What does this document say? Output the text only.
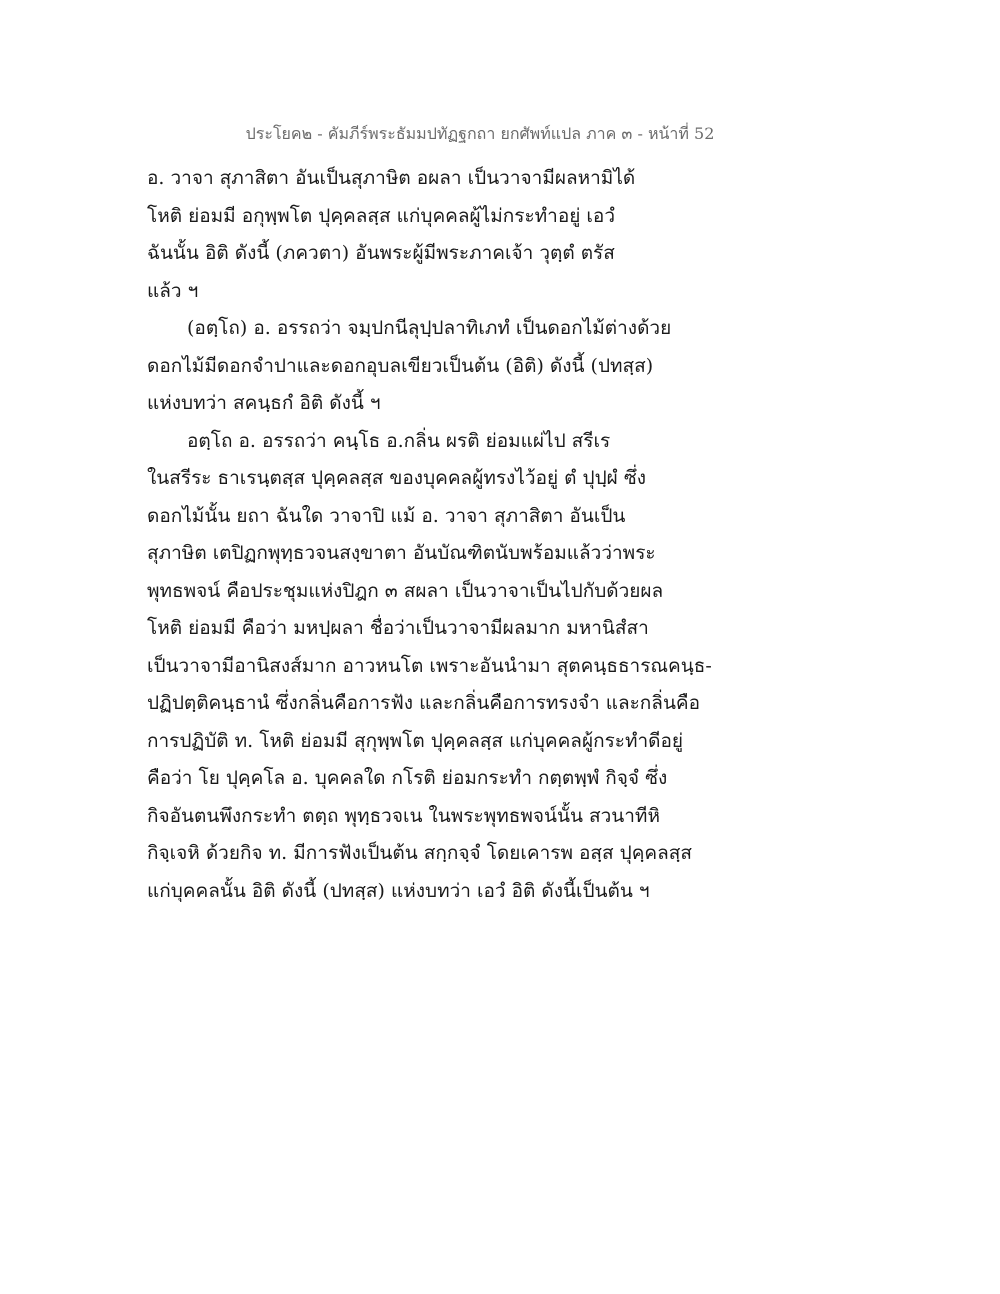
ประโยค๒ - คัมภีร์พระธัมมปทัฏฐกถา ยกศัพท์แปล ภาค ๓ - หน้าที่ 52
อ. วาจา สุภาสิตา อันเป็นสุภาษิต อผลา เป็นวาจามีผลหามิได้
โหติ ย่อมมี อกุพฺพโต ปุคฺคลสฺส แก่บุคคลผู้ไม่กระทำอยู่ เอวํ
ฉันนั้น อิติ ดังนี้ (ภควตา) อันพระผู้มีพระภาคเจ้า วุตฺตํ ตรัส
แล้ว ฯ
(อตฺโถ) อ. อรรถว่า จมฺปกนีลุปฺปลาทิเภทํ เป็นดอกไม้ต่างด้วย
ดอกไม้มีดอกจำปาและดอกอุบลเขียวเป็นต้น (อิติ) ดังนี้ (ปทสฺส)
แห่งบทว่า สคนฺธกํ อิติ ดังนี้ ฯ
อตฺโถ อ. อรรถว่า คนฺโธ อ.กลิ่น ผรติ ย่อมแผ่ไป สรีเร
ในสรีระ ธาเรนฺตสฺส ปุคฺคลสฺส ของบุคคลผู้ทรงไว้อยู่ ตํ ปุปฺผํ ซึ่ง
ดอกไม้นั้น ยถา ฉันใด วาจาปิ แม้ อ. วาจา สุภาสิตา อันเป็น
สุภาษิต เตปิฏกพุทฺธวจนสงฺขาตา อันบัณฑิตนับพร้อมแล้วว่าพระ
พุทธพจน์ คือประชุมแห่งปิฎก ๓ สผลา เป็นวาจาเป็นไปกับด้วยผล
โหติ ย่อมมี คือว่า มหปฺผลา ชื่อว่าเป็นวาจามีผลมาก มหานิสํสา
เป็นวาจามีอานิสงส์มาก อาวหนโต เพราะอันนำมา สุตคนฺธธารณคนฺธ-
ปฏิปตฺติคนฺธานํ ซึ่งกลิ่นคือการฟัง และกลิ่นคือการทรงจำ และกลิ่นคือ
การปฏิบัติ ท. โหติ ย่อมมี สุกุพฺพโต ปุคฺคลสฺส แก่บุคคลผู้กระทำดีอยู่
คือว่า โย ปุคฺคโล อ. บุคคลใด กโรติ ย่อมกระทำ กตฺตพฺพํ กิจฺจํ ซึ่ง
กิจอันตนพึงกระทำ ตตฺถ พุทฺธวจเน ในพระพุทธพจน์นั้น สวนาทีหิ
กิจฺเจหิ ด้วยกิจ ท. มีการฟังเป็นต้น สกฺกจฺจํ โดยเคารพ อสฺส ปุคฺคลสฺส
แก่บุคคลนั้น อิติ ดังนี้ (ปทสฺส) แห่งบทว่า เอวํ อิติ ดังนี้เป็นต้น ฯ
